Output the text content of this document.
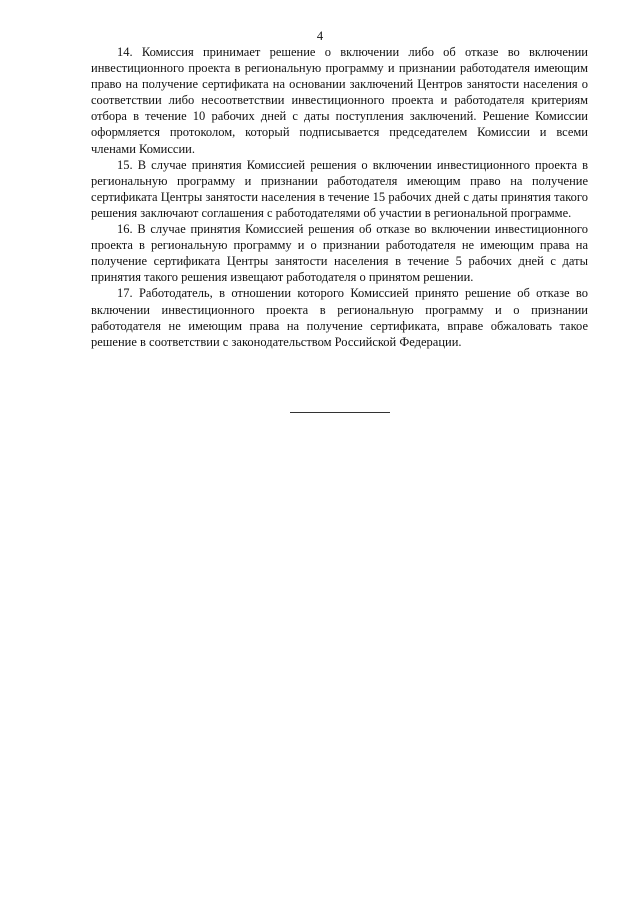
4

14. Комиссия принимает решение о включении либо об отказе во включении инвестиционного проекта в региональную программу и признании работодателя имеющим право на получение сертификата на основании заключений Центров занятости населения о соответствии либо несоответствии инвестиционного проекта и работодателя критериям отбора в течение 10 рабочих дней с даты поступления заключений. Решение Комиссии оформляется протоколом, который подписывается председателем Комиссии и всеми членами Комиссии.

15. В случае принятия Комиссией решения о включении инвестиционного проекта в региональную программу и признании работодателя имеющим право на получение сертификата Центры занятости населения в течение 15 рабочих дней с даты принятия такого решения заключают соглашения с работодателями об участии в региональной программе.

16. В случае принятия Комиссией решения об отказе во включении инвестиционного проекта в региональную программу и о признании работодателя не имеющим права на получение сертификата Центры занятости населения в течение 5 рабочих дней с даты принятия такого решения извещают работодателя о принятом решении.

17. Работодатель, в отношении которого Комиссией принято решение об отказе во включении инвестиционного проекта в региональную программу и о признании работодателя не имеющим права на получение сертификата, вправе обжаловать такое решение в соответствии с законодательством Российской Федерации.
